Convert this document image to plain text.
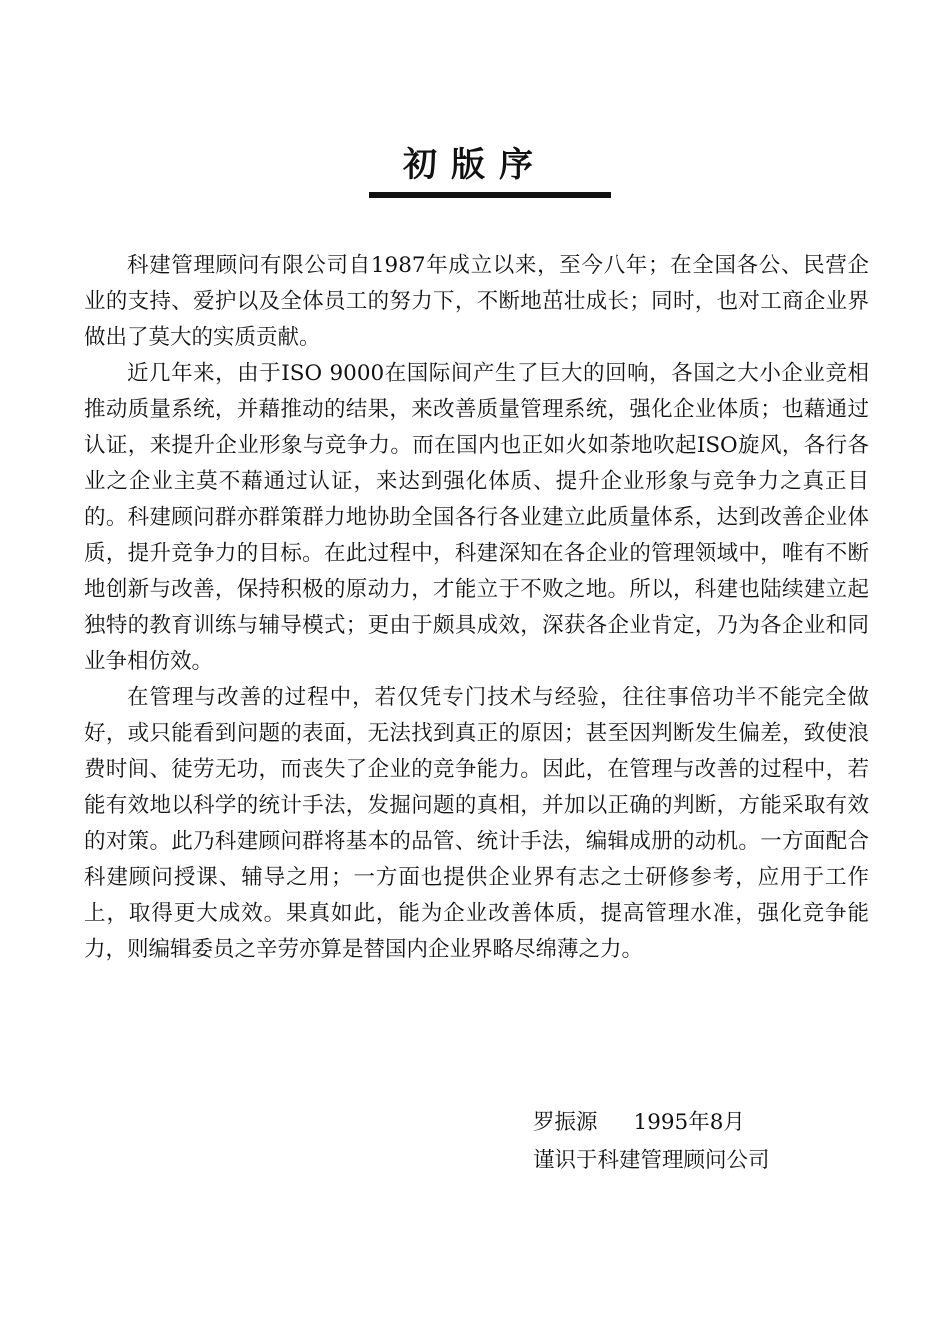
初版序

科建管理顾问有限公司自1987年成立以来，至今八年；在全国各公、民营企业的支持、爱护以及全体员工的努力下，不断地茁壮成长；同时，也对工商企业界做出了莫大的实质贡献。

近几年来，由于ISO 9000在国际间产生了巨大的回响，各国之大小企业竞相推动质量系统，并藉推动的结果，来改善质量管理系统，强化企业体质；也藉通过认证，来提升企业形象与竞争力。而在国内也正如火如荼地吹起ISO旋风，各行各业之企业主莫不藉通过认证，来达到强化体质、提升企业形象与竞争力之真正目的。科建顾问群亦群策群力地协助全国各行各业建立此质量体系，达到改善企业体质，提升竞争力的目标。在此过程中，科建深知在各企业的管理领域中，唯有不断地创新与改善，保持积极的原动力，才能立于不败之地。所以，科建也陆续建立起独特的教育训练与辅导模式；更由于颇具成效，深获各企业肯定，乃为各企业和同业争相仿效。

在管理与改善的过程中，若仅凭专门技术与经验，往往事倍功半不能完全做好，或只能看到问题的表面，无法找到真正的原因；甚至因判断发生偏差，致使浪费时间、徒劳无功，而丧失了企业的竞争能力。因此，在管理与改善的过程中，若能有效地以科学的统计手法，发掘问题的真相，并加以正确的判断，方能采取有效的对策。此乃科建顾问群将基本的品管、统计手法，编辑成册的动机。一方面配合科建顾问授课、辅导之用；一方面也提供企业界有志之士研修参考，应用于工作上，取得更大成效。果真如此，能为企业改善体质，提高管理水准，强化竞争能力，则编辑委员之辛劳亦算是替国内企业界略尽绵薄之力。

罗振源 1995年8月
谨识于科建管理顾问公司
